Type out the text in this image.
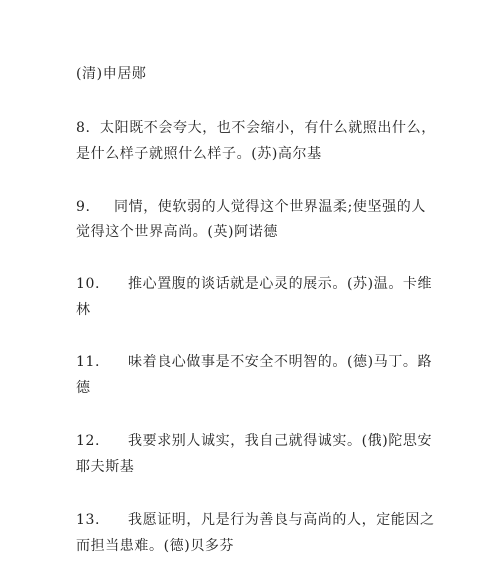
(清)申居郧
8. 太阳既不会夸大，也不会缩小，有什么就照出什么，
是什么样子就照什么样子。(苏)高尔基
9. 同情，使软弱的人觉得这个世界温柔;使坚强的人
觉得这个世界高尚。(英)阿诺德
10. 推心置腹的谈话就是心灵的展示。(苏)温。卡维
林
11. 味着良心做事是不安全不明智的。(德)马丁。路
德
12. 我要求别人诚实，我自己就得诚实。(俄)陀思安
耶夫斯基
13. 我愿证明，凡是行为善良与高尚的人，定能因之
而担当患难。(德)贝多芬
